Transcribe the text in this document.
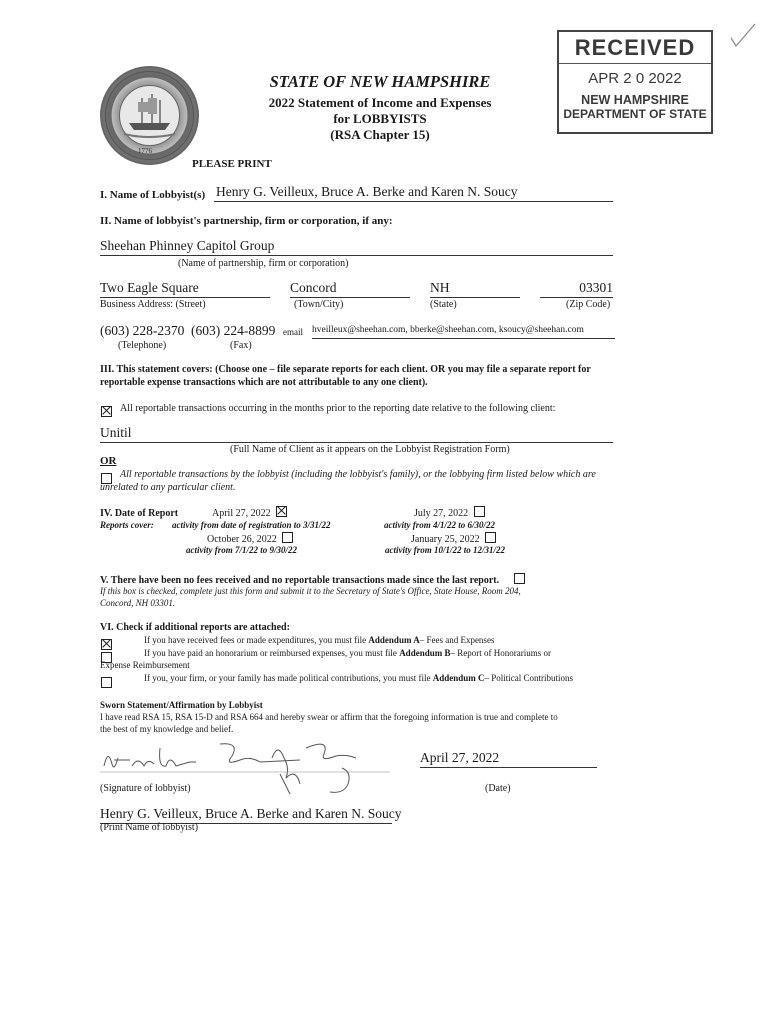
RECEIVED
APR 2 0 2022
NEW HAMPSHIRE
DEPARTMENT OF STATE
1776
STATE OF NEW HAMPSHIRE
2022 Statement of Income and Expenses
for LOBBYISTS
(RSA Chapter 15)
PLEASE PRINT
I. Name of Lobbyist(s) Henry G. Veilleux, Bruce A. Berke and Karen N. Soucy
II. Name of lobbyist's partnership, firm or corporation, if any:
Sheehan Phinney Capitol Group
(Name of partnership, firm or corporation)
Two Eagle Square	Concord	NH	03301
Business Address: (Street)	(Town/City)	(State)	(Zip Code)
(603) 228-2370 (603) 224-8899 email hveilleux@sheehan.com, bberke@sheehan.com, ksoucy@sheehan.com
(Telephone)	(Fax)
III. This statement covers: (Choose one – file separate reports for each client. OR you may file a separate report for
reportable expense transactions which are not attributable to any one client).
All reportable transactions occurring in the months prior to the reporting date relative to the following client:
Unitil
(Full Name of Client as it appears on the Lobbyist Registration Form)
OR
All reportable transactions by the lobbyist (including the lobbyist's family), or the lobbying firm listed below which are
unrelated to any particular client.
IV. Date of Report
Reports cover:
April 27, 2022
activity from date of registration to 3/31/22
July 27, 2022
activity from 4/1/22 to 6/30/22
October 26, 2022
activity from 7/1/22 to 9/30/22
January 25, 2022
activity from 10/1/22 to 12/31/22
V. There have been no fees received and no reportable transactions made since the last report.
If this box is checked, complete just this form and submit it to the Secretary of State's Office, State House, Room 204,
Concord, NH 03301.
VI. Check if additional reports are attached:
If you have received fees or made expenditures, you must file Addendum A– Fees and Expenses
If you have paid an honorarium or reimbursed expenses, you must file Addendum B– Report of Honorariums or
Expense Reimbursement
If you, your firm, or your family has made political contributions, you must file Addendum C– Political Contributions
Sworn Statement/Affirmation by Lobbyist
I have read RSA 15, RSA 15-D and RSA 664 and hereby swear or affirm that the foregoing information is true and complete to
the best of my knowledge and belief.
April 27, 2022
(Signature of lobbyist)	(Date)
Henry G. Veilleux, Bruce A. Berke and Karen N. Soucy
(Print Name of lobbyist)
